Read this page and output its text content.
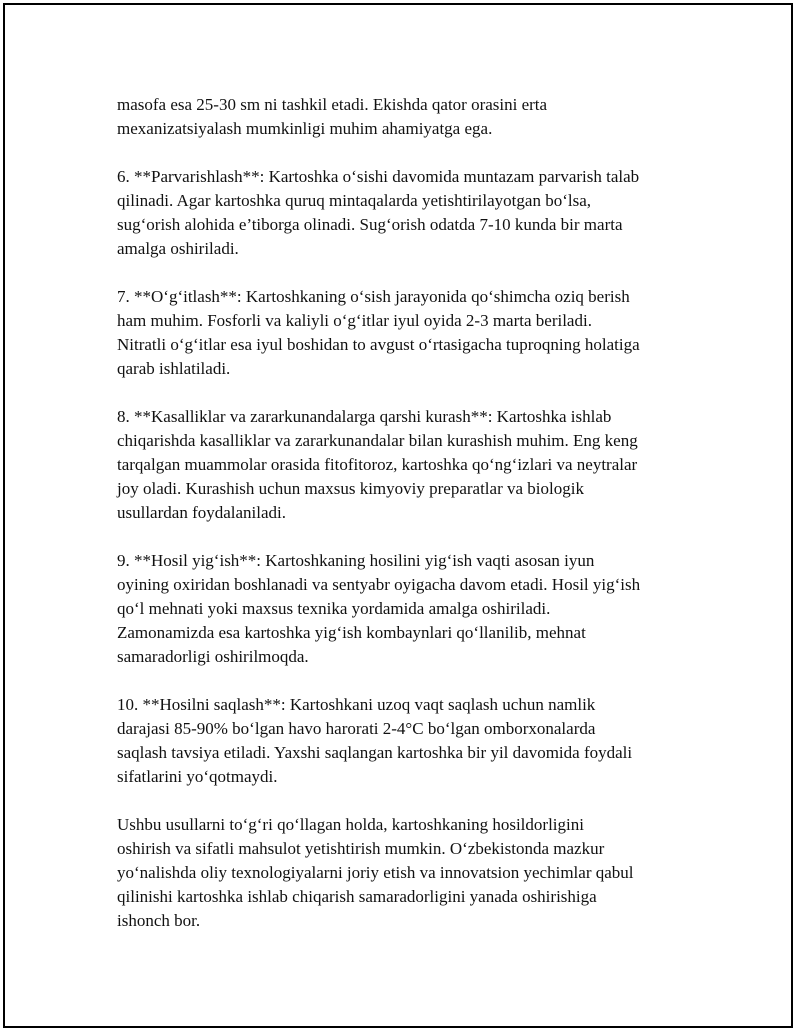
masofa esa 25-30 sm ni tashkil etadi. Ekishda qator orasini erta
mexanizatsiyalash mumkinligi muhim ahamiyatga ega.

6. **Parvarishlash**: Kartoshka o‘sishi davomida muntazam parvarish talab
qilinadi. Agar kartoshka quruq mintaqalarda yetishtirilayotgan bo‘lsa,
sug‘orish alohida e’tiborga olinadi. Sug‘orish odatda 7-10 kunda bir marta
amalga oshiriladi.

7. **O‘g‘itlash**: Kartoshkaning o‘sish jarayonida qo‘shimcha oziq berish
ham muhim. Fosforli va kaliyli o‘g‘itlar iyul oyida 2-3 marta beriladi.
Nitratli o‘g‘itlar esa iyul boshidan to avgust o‘rtasigacha tuproqning holatiga
qarab ishlatiladi.

8. **Kasalliklar va zararkunandalarga qarshi kurash**: Kartoshka ishlab
chiqarishda kasalliklar va zararkunandalar bilan kurashish muhim. Eng keng
tarqalgan muammolar orasida fitofitoroz, kartoshka qo‘ng‘izlari va neytralar
joy oladi. Kurashish uchun maxsus kimyoviy preparatlar va biologik
usullardan foydalaniladi.

9. **Hosil yig‘ish**: Kartoshkaning hosilini yig‘ish vaqti asosan iyun
oyining oxiridan boshlanadi va sentyabr oyigacha davom etadi. Hosil yig‘ish
qo‘l mehnati yoki maxsus texnika yordamida amalga oshiriladi.
Zamonamizda esa kartoshka yig‘ish kombaynlari qo‘llanilib, mehnat
samaradorligi oshirilmoqda.

10. **Hosilni saqlash**: Kartoshkani uzoq vaqt saqlash uchun namlik
darajasi 85-90% bo‘lgan havo harorati 2-4°C bo‘lgan omborxonalarda
saqlash tavsiya etiladi. Yaxshi saqlangan kartoshka bir yil davomida foydali
sifatlarini yo‘qotmaydi.

Ushbu usullarni to‘g‘ri qo‘llagan holda, kartoshkaning hosildorligini
oshirish va sifatli mahsulot yetishtirish mumkin. O‘zbekistonda mazkur
yo‘nalishda oliy texnologiyalarni joriy etish va innovatsion yechimlar qabul
qilinishi kartoshka ishlab chiqarish samaradorligini yanada oshirishiga
ishonch bor.
